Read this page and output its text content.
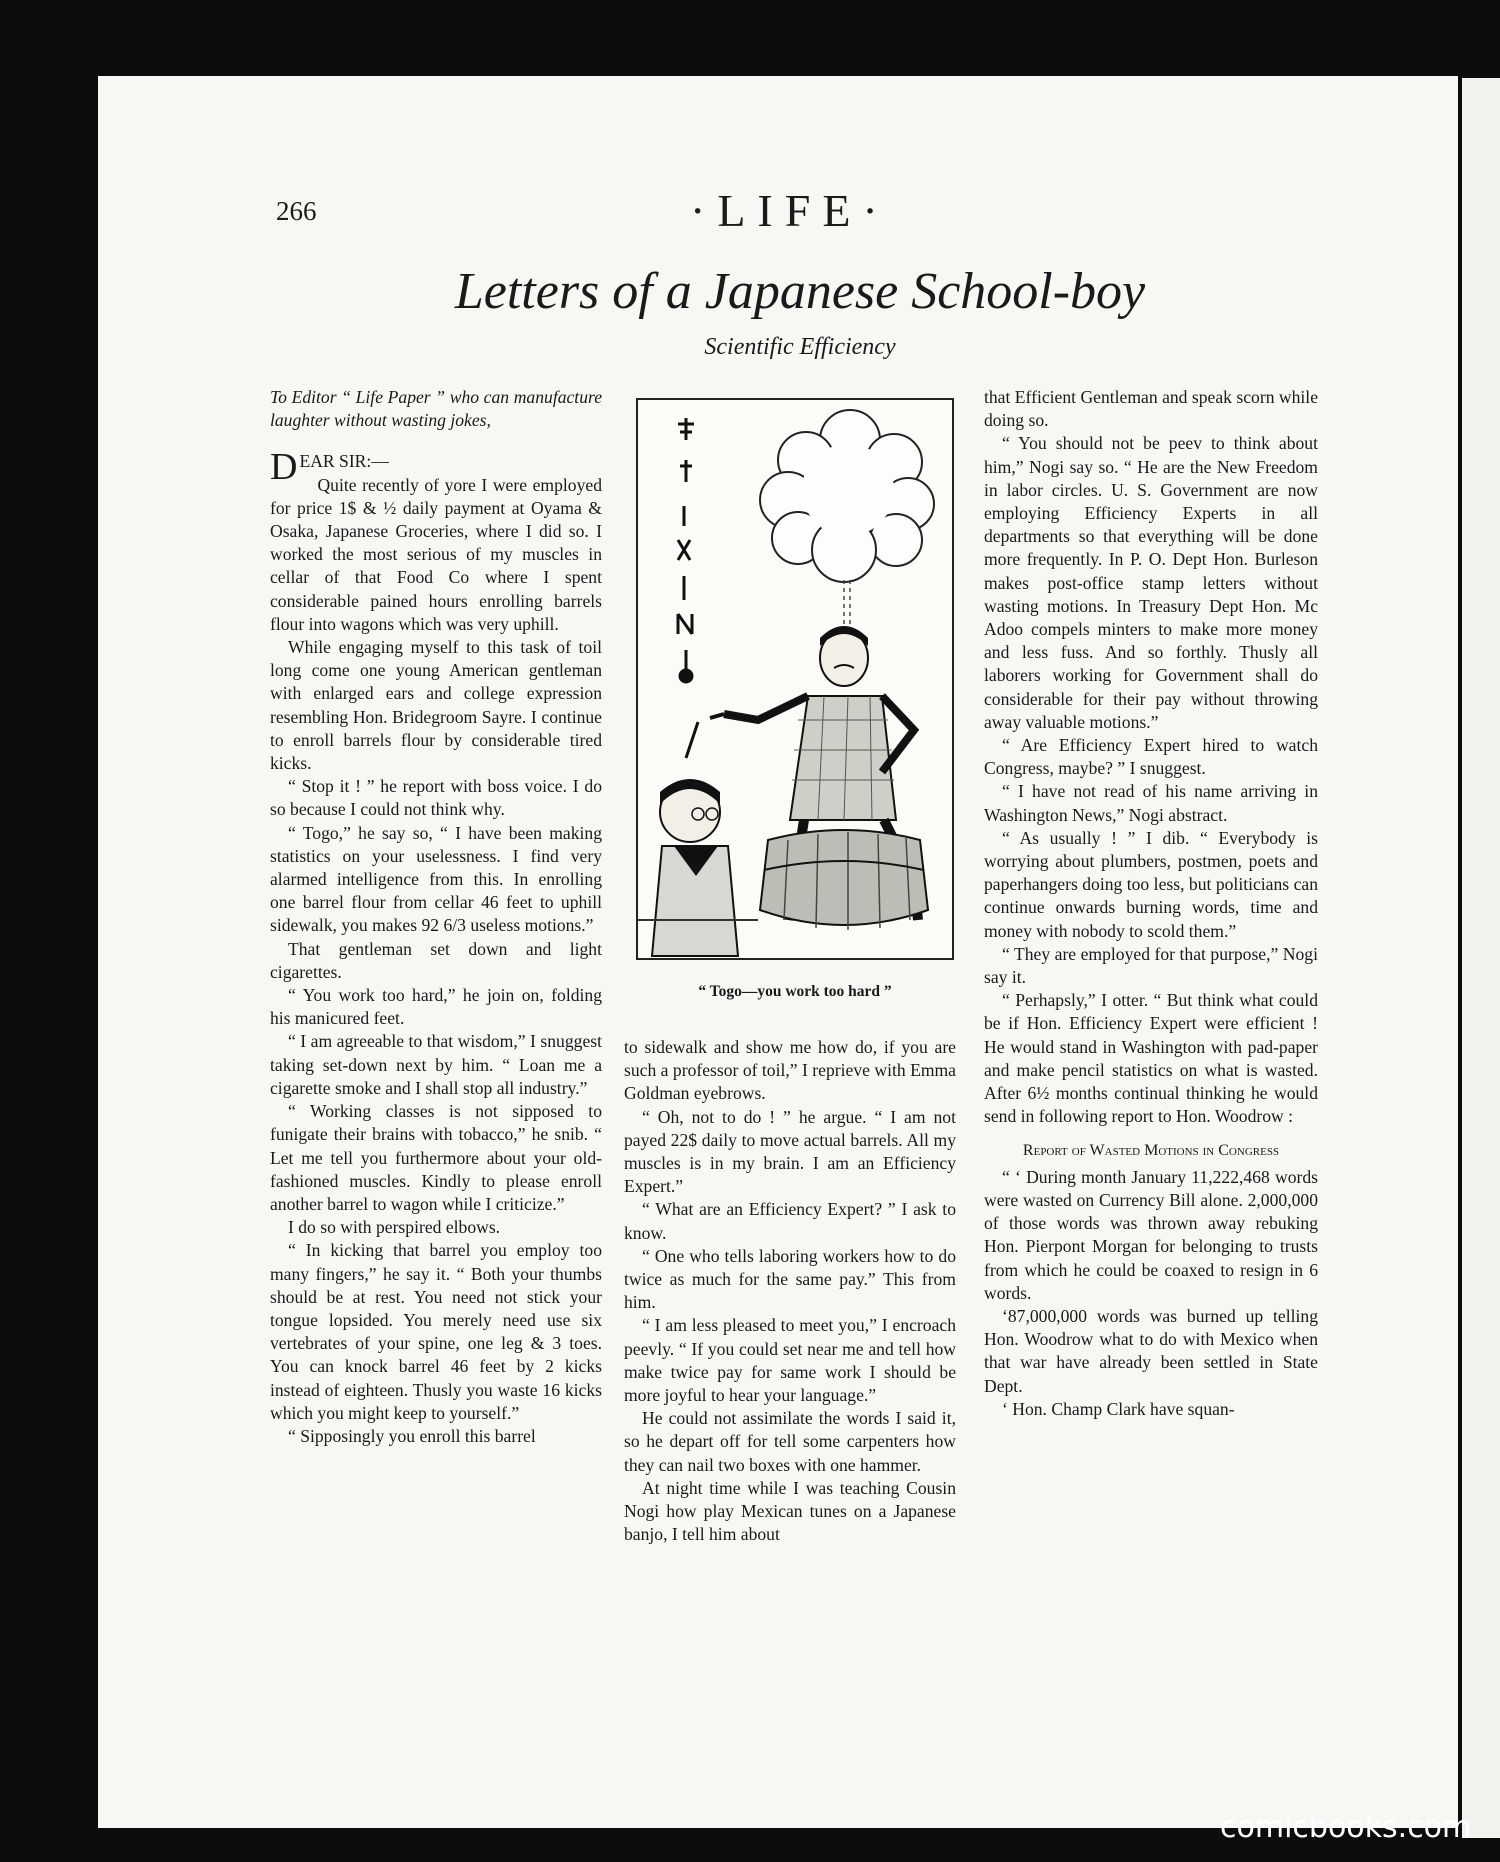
266	·LIFE·
Letters of a Japanese School-boy
Scientific Efficiency

To Editor “ Life Paper ” who can manufacture laughter without wasting jokes,

DEAR SIR:—

Quite recently of yore I were employed for price 1$ & ½ daily payment at Oyama & Osaka, Japanese Groceries, where I did so. I worked the most serious of my muscles in cellar of that Food Co where I spent considerable pained hours enrolling barrels flour into wagons which was very uphill.

While engaging myself to this task of toil long come one young American gentleman with enlarged ears and college expression resembling Hon. Bridegroom Sayre. I continue to enroll barrels flour by considerable tired kicks.

“ Stop it ! ” he report with boss voice. I do so because I could not think why.

“ Togo,” he say so, “ I have been making statistics on your uselessness. I find very alarmed intelligence from this. In enrolling one barrel flour from cellar 46 feet to uphill sidewalk, you makes 92 6/3 useless motions.”

That gentleman set down and light cigarettes.

“ You work too hard,” he join on, folding his manicured feet.

“ I am agreeable to that wisdom,” I snuggest taking set-down next by him. “ Loan me a cigarette smoke and I shall stop all industry.”

“ Working classes is not sipposed to funigate their brains with tobacco,” he snib. “ Let me tell you furthermore about your old-fashioned muscles. Kindly to please enroll another barrel to wagon while I criticize.”

I do so with perspired elbows.

“ In kicking that barrel you employ too many fingers,” he say it. “ Both your thumbs should be at rest. You need not stick your tongue lopsided. You merely need use six vertebrates of your spine, one leg & 3 toes. You can knock barrel 46 feet by 2 kicks instead of eighteen. Thusly you waste 16 kicks which you might keep to yourself.”

“ Sipposingly you enroll this barrel

“ Togo—you work too hard ”

to sidewalk and show me how do, if you are such a professor of toil,” I reprieve with Emma Goldman eyebrows.

“ Oh, not to do ! ” he argue. “ I am not payed 22$ daily to move actual barrels. All my muscles is in my brain. I am an Efficiency Expert.”

“ What are an Efficiency Expert? ” I ask to know.

“ One who tells laboring workers how to do twice as much for the same pay.” This from him.

“ I am less pleased to meet you,” I encroach peevly. “ If you could set near me and tell how make twice pay for same work I should be more joyful to hear your language.”

He could not assimilate the words I said it, so he depart off for tell some carpenters how they can nail two boxes with one hammer.

At night time while I was teaching Cousin Nogi how play Mexican tunes on a Japanese banjo, I tell him about

that Efficient Gentleman and speak scorn while doing so.

“ You should not be peev to think about him,” Nogi say so. “ He are the New Freedom in labor circles. U. S. Government are now employing Efficiency Experts in all departments so that everything will be done more frequently. In P. O. Dept Hon. Burleson makes post-office stamp letters without wasting motions. In Treasury Dept Hon. Mc Adoo compels minters to make more money and less fuss. And so forthly. Thusly all laborers working for Government shall do considerable for their pay without throwing away valuable motions.”

“ Are Efficiency Expert hired to watch Congress, maybe? ” I snuggest.

“ I have not read of his name arriving in Washington News,” Nogi abstract.

“ As usually ! ” I dib. “ Everybody is worrying about plumbers, postmen, poets and paperhangers doing too less, but politicians can continue onwards burning words, time and money with nobody to scold them.”

“ They are employed for that purpose,” Nogi say it.

“ Perhapsly,” I otter. “ But think what could be if Hon. Efficiency Expert were efficient ! He would stand in Washington with pad-paper and make pencil statistics on what is wasted. After 6½ months continual thinking he would send in following report to Hon. Woodrow :

Report of Wasted Motions in Congress

“ ‘ During month January 11,222,468 words were wasted on Currency Bill alone. 2,000,000 of those words was thrown away rebuking Hon. Pierpont Morgan for belonging to trusts from which he could be coaxed to resign in 6 words.

‘87,000,000 words was burned up telling Hon. Woodrow what to do with Mexico when that war have already been settled in State Dept.

‘ Hon. Champ Clark have squan-

comicbooks.com
